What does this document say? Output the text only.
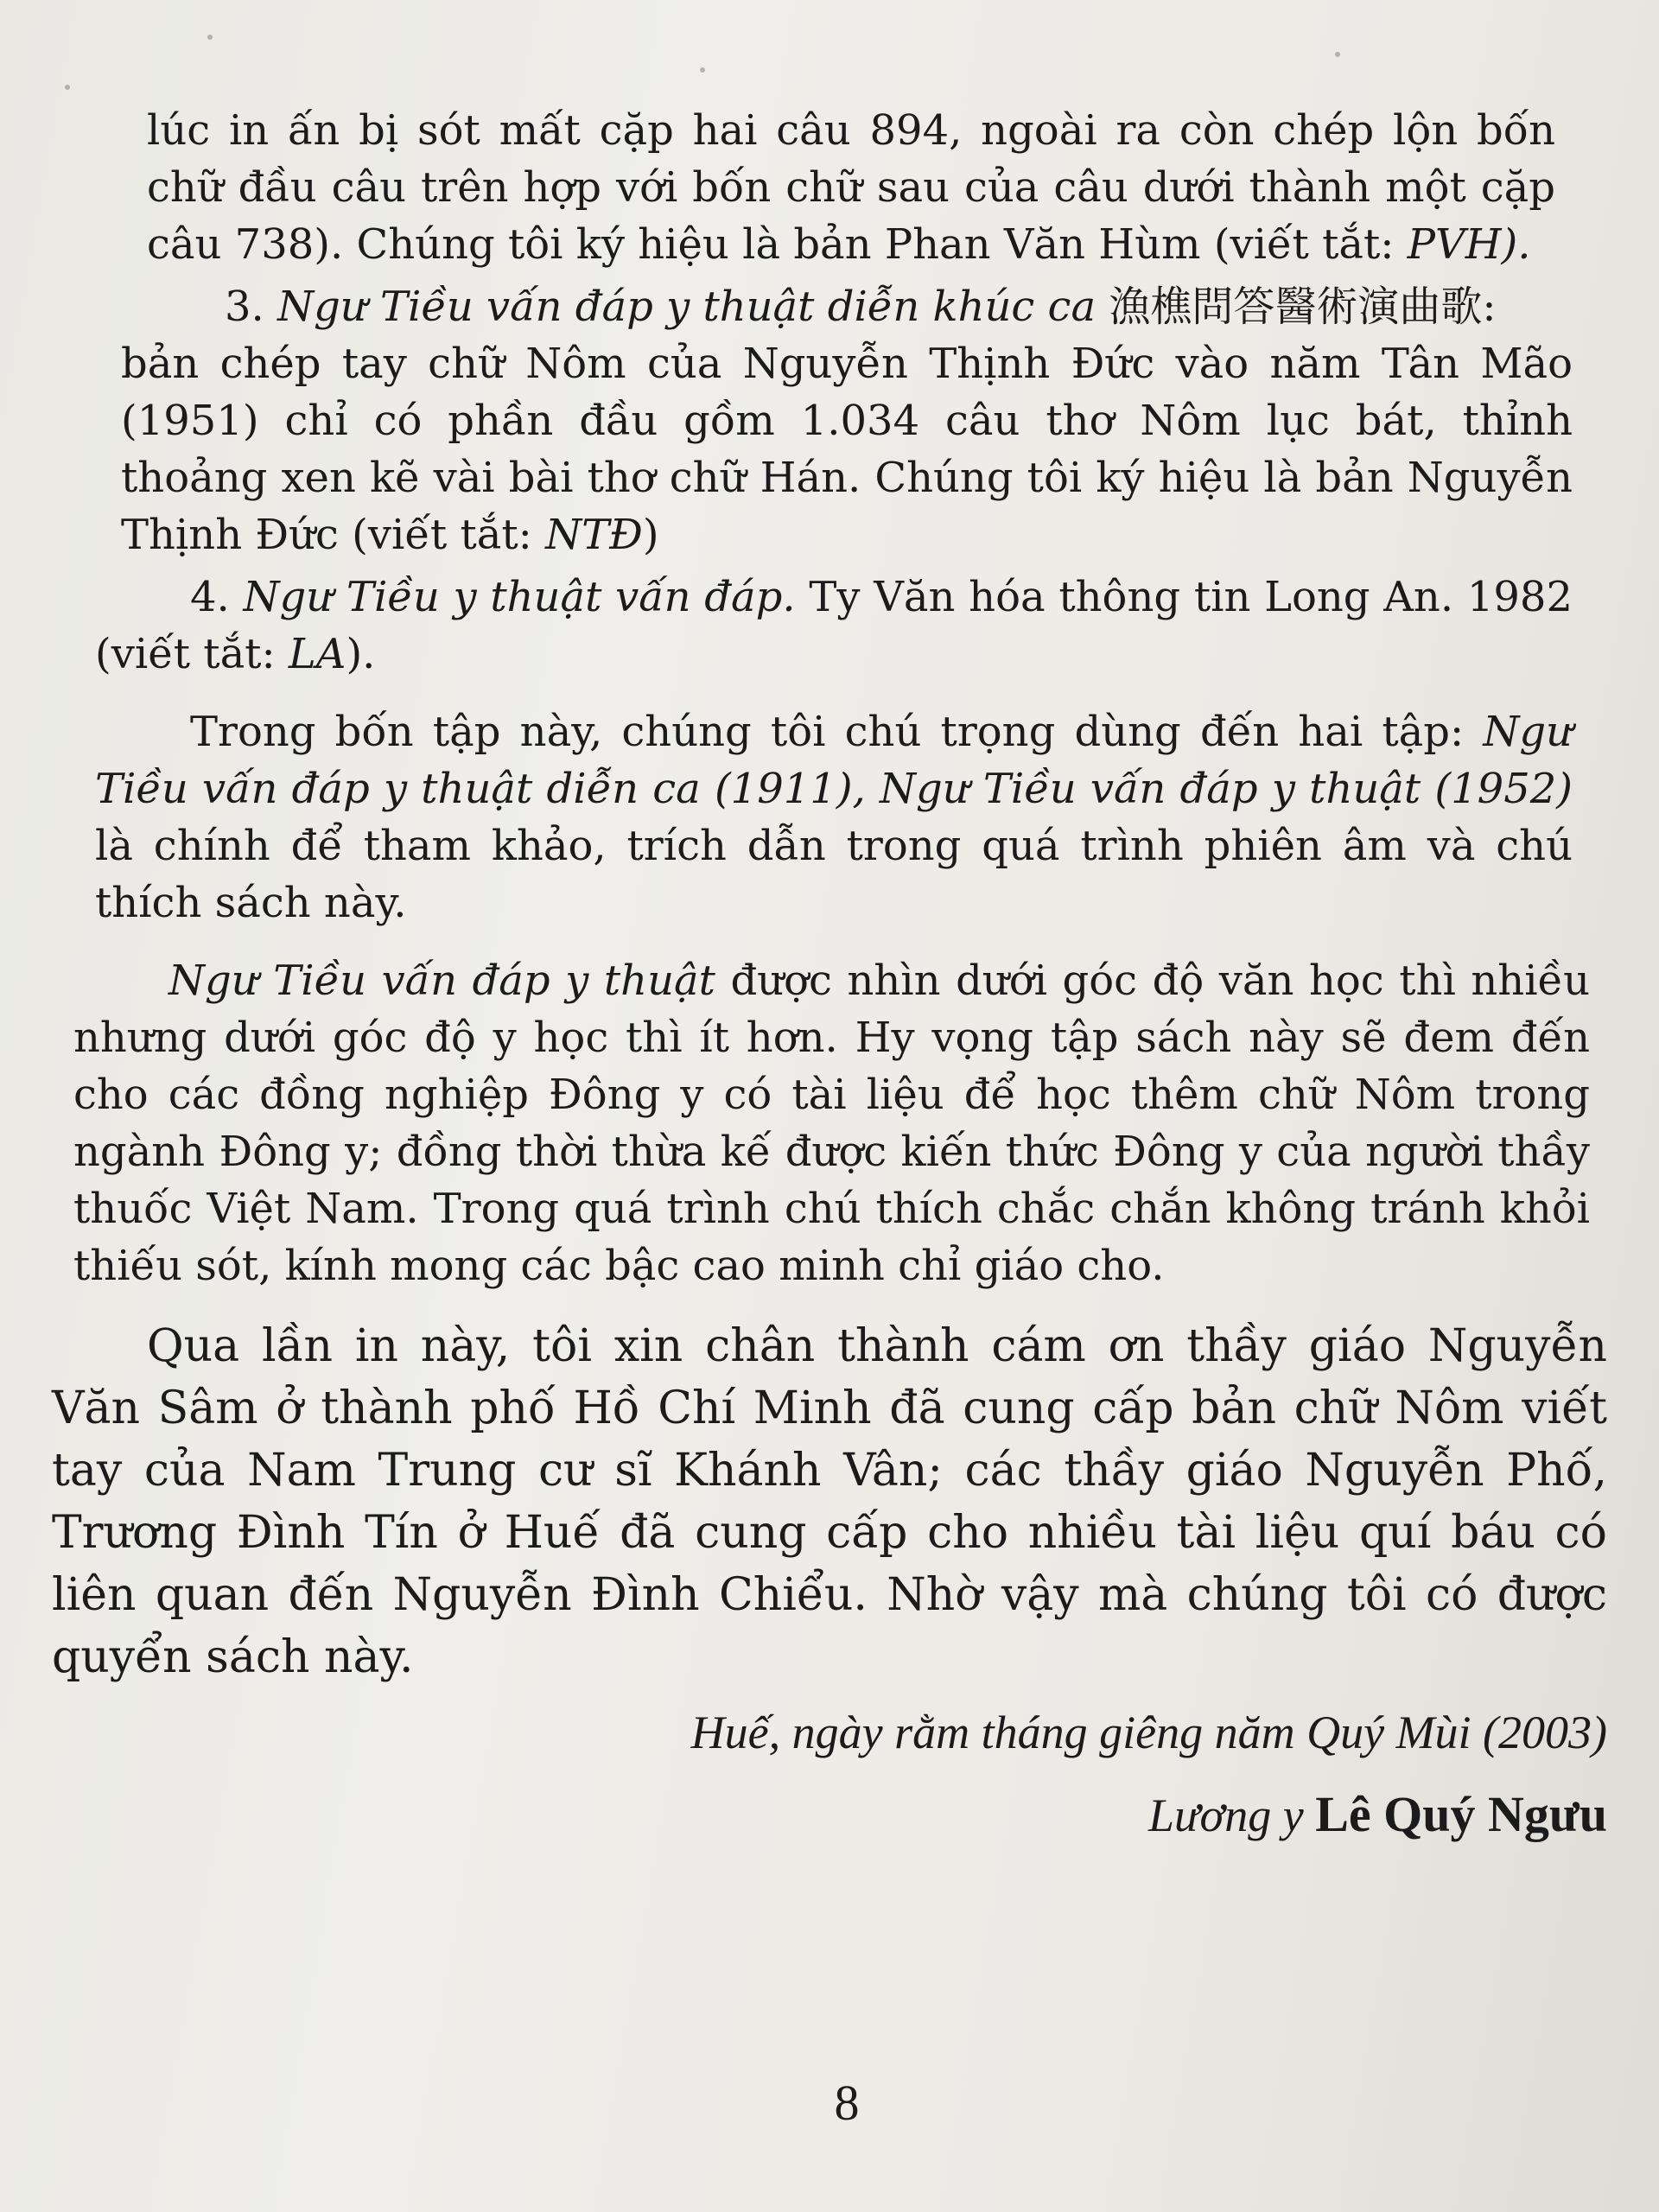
lúc in ấn bị sót mất cặp hai câu 894, ngoài ra còn chép lộn bốn chữ đầu câu trên hợp với bốn chữ sau của câu dưới thành một cặp câu 738). Chúng tôi ký hiệu là bản Phan Văn Hùm (viết tắt: PVH).

3. Ngư Tiều vấn đáp y thuật diễn khúc ca 漁樵問答醫術演曲歌:
bản chép tay chữ Nôm của Nguyễn Thịnh Đức vào năm Tân Mão (1951) chỉ có phần đầu gồm 1.034 câu thơ Nôm lục bát, thỉnh thoảng xen kẽ vài bài thơ chữ Hán. Chúng tôi ký hiệu là bản Nguyễn Thịnh Đức (viết tắt: NTĐ)

4. Ngư Tiều y thuật vấn đáp. Ty Văn hóa thông tin Long An. 1982 (viết tắt: LA).

Trong bốn tập này, chúng tôi chú trọng dùng đến hai tập: Ngư Tiều vấn đáp y thuật diễn ca (1911), Ngư Tiều vấn đáp y thuật (1952) là chính để tham khảo, trích dẫn trong quá trình phiên âm và chú thích sách này.

Ngư Tiều vấn đáp y thuật được nhìn dưới góc độ văn học thì nhiều nhưng dưới góc độ y học thì ít hơn. Hy vọng tập sách này sẽ đem đến cho các đồng nghiệp Đông y có tài liệu để học thêm chữ Nôm trong ngành Đông y; đồng thời thừa kế được kiến thức Đông y của người thầy thuốc Việt Nam. Trong quá trình chú thích chắc chắn không tránh khỏi thiếu sót, kính mong các bậc cao minh chỉ giáo cho.

Qua lần in này, tôi xin chân thành cám ơn thầy giáo Nguyễn Văn Sâm ở thành phố Hồ Chí Minh đã cung cấp bản chữ Nôm viết tay của Nam Trung cư sĩ Khánh Vân; các thầy giáo Nguyễn Phố, Trương Đình Tín ở Huế đã cung cấp cho nhiều tài liệu quí báu có liên quan đến Nguyễn Đình Chiểu. Nhờ vậy mà chúng tôi có được quyển sách này.

Huế, ngày rằm tháng giêng năm Quý Mùi (2003)
Lương y Lê Quý Ngưu
8
